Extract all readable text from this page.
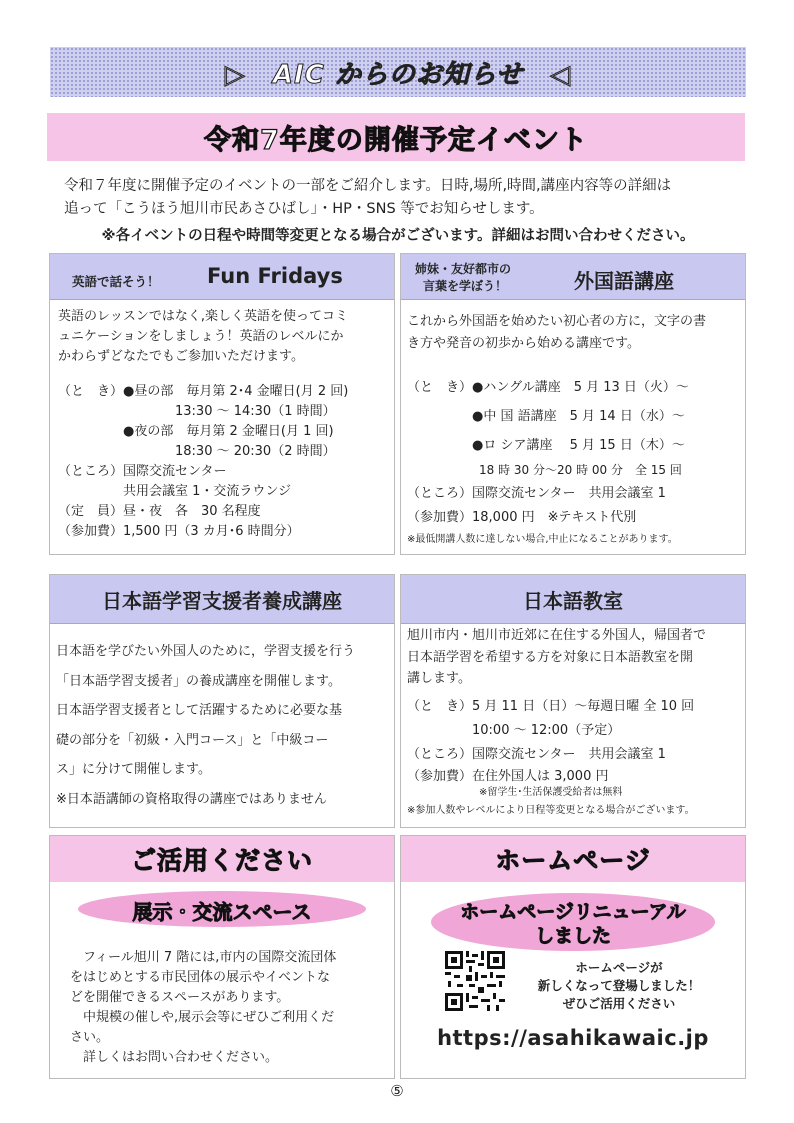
▷　AIC からのお知らせ　◁
令和7年度の開催予定イベント
令和７年度に開催予定のイベントの一部をご紹介します。日時,場所,時間,講座内容等の詳細は
追って「こうほう旭川市民あさひばし」・HP・SNS 等でお知らせします。
※各イベントの日程や時間等変更となる場合がございます。詳細はお問い合わせください。
英語で話そう！ Fun Fridays
英語のレッスンではなく,楽しく英語を使ってコミ
ュニケーションをしましょう！英語のレベルにか
かわらずどなたでもご参加いただけます。
（と　き）●昼の部　毎月第 2･4 金曜日(月 2 回)
　　　　　　　　　13:30 〜 14:30（1 時間）
　　　　　●夜の部　毎月第 2 金曜日(月 1 回)
　　　　　　　　　18:30 〜 20:30（2 時間）
（ところ）国際交流センター
　　　　　共用会議室 1・交流ラウンジ
（定　員）昼・夜　各　30 名程度
（参加費）1,500 円（3 カ月･6 時間分）
姉妹・友好都市の
言葉を学ぼう！	外国語講座
これから外国語を始めたい初心者の方に，文字の書
き方や発音の初歩から始める講座です。
（と　き）●ハングル講座　5 月 13 日（火）〜
　　　　　●中 国 語講座　5 月 14 日（水）〜
　　　　　●ロ シア講座　 5 月 15 日（木）〜
　　　　　　18 時 30 分〜20 時 00 分　全 15 回
（ところ）国際交流センター　共用会議室 1
（参加費）18,000 円　※テキスト代別
※最低開講人数に達しない場合,中止になることがあります。
日本語学習支援者養成講座
日本語を学びたい外国人のために，学習支援を行う
「日本語学習支援者」の養成講座を開催します。
日本語学習支援者として活躍するために必要な基
礎の部分を「初級・入門コース」と「中級コー
ス」に分けて開催します。
※日本語講師の資格取得の講座ではありません
日本語教室
旭川市内・旭川市近郊に在住する外国人，帰国者で
日本語学習を希望する方を対象に日本語教室を開
講します。
（と　き）5 月 11 日（日）〜毎週日曜 全 10 回
　　　　　10:00 〜 12:00（予定）
（ところ）国際交流センター　共用会議室 1
（参加費）在住外国人は 3,000 円
※留学生･生活保護受給者は無料
※参加人数やレベルにより日程等変更となる場合がございます。
ご活用ください
展示・交流スペース
　フィール旭川 7 階には,市内の国際交流団体
をはじめとする市民団体の展示やイベントな
どを開催できるスペースがあります。
　中規模の催しや,展示会等にぜひご利用くだ
さい。
　詳しくはお問い合わせください。
ホームページ
ホームページリニューアル
しました
ホームページが
新しくなって登場しました！
ぜひご活用ください
https://asahikawaic.jp
⑤
